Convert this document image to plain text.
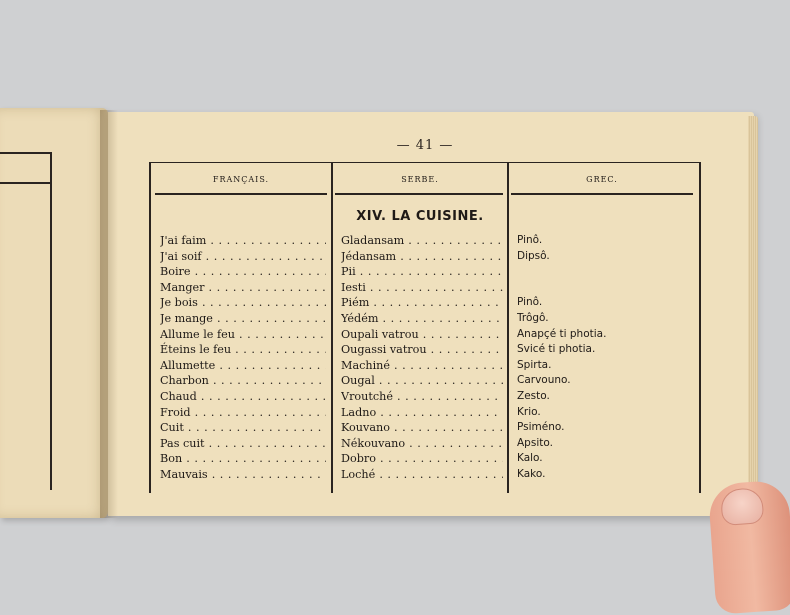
— 41 —
FRANÇAIS.	SERBE.	GREC.
XIV. LA CUISINE.
J'ai faim . . .	Gladansam . . .	Pinô.
J'ai soif . . .	Jédansam . . .	Dipsô.
Boire . . .	Pii . . .
Manger . . .	Iesti . . .
Je bois . . .	Piém . . .	Pinô.
Je mange . . .	Yédém . . .	Trôgô.
Allume le feu . . .	Oupali vatrou . . .	Anapçé ti photia.
Éteins le feu . . .	Ougassi vatrou . . .	Svicé ti photia.
Allumette . . .	Machiné . . .	Spirta.
Charbon . . .	Ougal . . .	Carvouno.
Chaud . . .	Vroutché . . .	Zesto.
Froid . . .	Ladno . . .	Krio.
Cuit . . .	Kouvano . . .	Psiméno.
Pas cuit . . .	Nékouvano . . .	Apsito.
Bon . . .	Dobro . . .	Kalo.
Mauvais . . .	Loché . . .	Kako.
